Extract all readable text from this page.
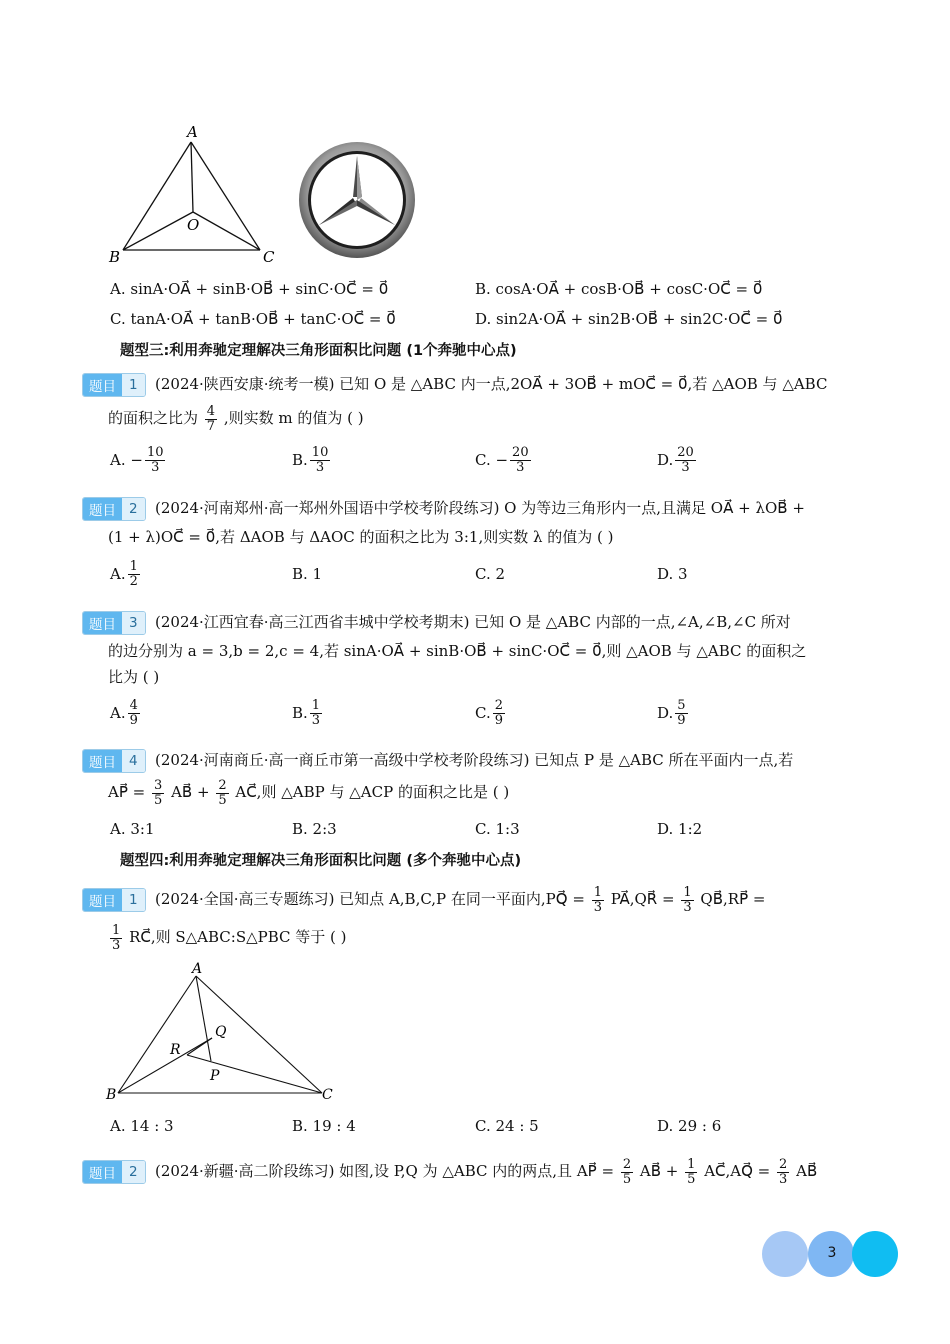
A
B	C
O
A. sinA·OA⃗ + sinB·OB⃗ + sinC·OC⃗ = 0⃗	B. cosA·OA⃗ + cosB·OB⃗ + cosC·OC⃗ = 0⃗
C. tanA·OA⃗ + tanB·OB⃗ + tanC·OC⃗ = 0⃗	D. sin2A·OA⃗ + sin2B·OB⃗ + sin2C·OC⃗ = 0⃗
题型三:利用奔驰定理解决三角形面积比问题 (1个奔驰中心点)
题目 1	(2024·陕西安康·统考一模) 已知 O 是 △ABC 内一点,2OA⃗ + 3OB⃗ + mOC⃗ = 0⃗,若 △AOB 与 △ABC
的面积之比为 $\frac{4}{7}$ ,则实数 m 的值为 ( )
A. − $\frac{10}{3}$	B. $\frac{10}{3}$	C. − $\frac{20}{3}$	D. $\frac{20}{3}$
题目 2	(2024·河南郑州·高一郑州外国语中学校考阶段练习) O 为等边三角形内一点,且满足 OA⃗ + λOB⃗ +
(1 + λ)OC⃗ = 0⃗,若 ΔAOB 与 ΔAOC 的面积之比为 3:1,则实数 λ 的值为 ( )
A. $\frac{1}{2}$	B. 1	C. 2	D. 3
题目 3	(2024·江西宜春·高三江西省丰城中学校考期末) 已知 O 是 △ABC 内部的一点,∠A,∠B,∠C 所对
的边分别为 a = 3,b = 2,c = 4,若 sinA·OA⃗ + sinB·OB⃗ + sinC·OC⃗ = 0⃗,则 △AOB 与 △ABC 的面积之
比为 ( )
A. $\frac{4}{9}$	B. $\frac{1}{3}$	C. $\frac{2}{9}$	D. $\frac{5}{9}$
题目 4	(2024·河南商丘·高一商丘市第一高级中学校考阶段练习) 已知点 P 是 △ABC 所在平面内一点,若
AP⃗ = $\frac{3}{5}$ AB⃗ + $\frac{2}{5}$ AC⃗,则 △ABP 与 △ACP 的面积之比是 ( )
A. 3:1	B. 2:3	C. 1:3	D. 1:2
题型四:利用奔驰定理解决三角形面积比问题 (多个奔驰中心点)
题目 1	(2024·全国·高三专题练习) 已知点 A,B,C,P 在同一平面内,PQ⃗ = $\frac{1}{3}$ PA⃗,QR⃗ = $\frac{1}{3}$ QB⃗,RP⃗ =
$\frac{1}{3}$ RC⃗,则 S△ABC:S△PBC 等于 ( )
A
B	C
Q
R
P
A. 14 : 3	B. 19 : 4	C. 24 : 5	D. 29 : 6
题目 2	(2024·新疆·高二阶段练习) 如图,设 P,Q 为 △ABC 内的两点,且 AP⃗ = $\frac{2}{5}$ AB⃗ + $\frac{1}{5}$ AC⃗,AQ⃗ = $\frac{2}{3}$ AB⃗
3
